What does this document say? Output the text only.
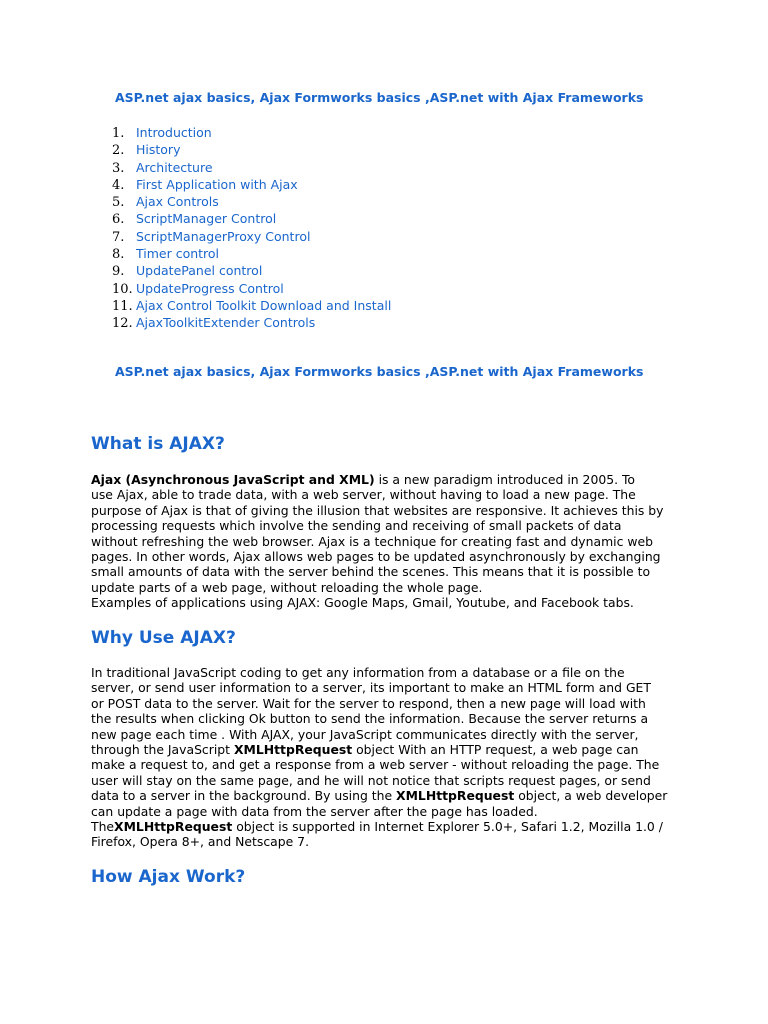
ASP.net ajax basics, Ajax Formworks basics ,ASP.net with Ajax Frameworks
1. Introduction
2. History
3. Architecture
4. First Application with Ajax
5. Ajax Controls
6. ScriptManager Control
7. ScriptManagerProxy Control
8. Timer control
9. UpdatePanel control
10. UpdateProgress Control
11. Ajax Control Toolkit Download and Install
12. AjaxToolkitExtender Controls
ASP.net ajax basics, Ajax Formworks basics ,ASP.net with Ajax Frameworks
What is AJAX?
Ajax (Asynchronous JavaScript and XML) is a new paradigm introduced in 2005. To
use Ajax, able to trade data, with a web server, without having to load a new page. The
purpose of Ajax is that of giving the illusion that websites are responsive. It achieves this by
processing requests which involve the sending and receiving of small packets of data
without refreshing the web browser. Ajax is a technique for creating fast and dynamic web
pages. In other words, Ajax allows web pages to be updated asynchronously by exchanging
small amounts of data with the server behind the scenes. This means that it is possible to
update parts of a web page, without reloading the whole page.
Examples of applications using AJAX: Google Maps, Gmail, Youtube, and Facebook tabs.
Why Use AJAX?
In traditional JavaScript coding to get any information from a database or a file on the
server, or send user information to a server, its important to make an HTML form and GET
or POST data to the server. Wait for the server to respond, then a new page will load with
the results when clicking Ok button to send the information. Because the server returns a
new page each time . With AJAX, your JavaScript communicates directly with the server,
through the JavaScript XMLHttpRequest object With an HTTP request, a web page can
make a request to, and get a response from a web server - without reloading the page. The
user will stay on the same page, and he will not notice that scripts request pages, or send
data to a server in the background. By using the XMLHttpRequest object, a web developer
can update a page with data from the server after the page has loaded.
TheXMLHttpRequest object is supported in Internet Explorer 5.0+, Safari 1.2, Mozilla 1.0 /
Firefox, Opera 8+, and Netscape 7.
How Ajax Work?
